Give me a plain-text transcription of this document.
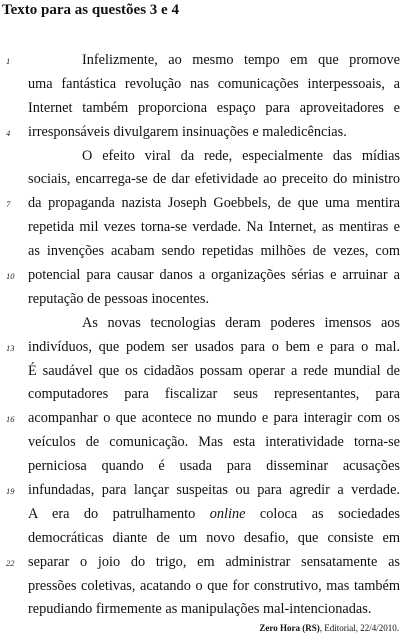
Texto para as questões 3 e 4
1	Infelizmente, ao mesmo tempo em que promove
uma fantástica revolução nas comunicações interpessoais, a
Internet também proporciona espaço para aproveitadores e
4	irresponsáveis divulgarem insinuações e maledicências.
O efeito viral da rede, especialmente das mídias
sociais, encarrega-se de dar efetividade ao preceito do ministro
7	da propaganda nazista Joseph Goebbels, de que uma mentira
repetida mil vezes torna-se verdade. Na Internet, as mentiras e
as invenções acabam sendo repetidas milhões de vezes, com
10 potencial para causar danos a organizações sérias e arruinar a
reputação de pessoas inocentes.
As novas tecnologias deram poderes imensos aos
13 indivíduos, que podem ser usados para o bem e para o mal.
É saudável que os cidadãos possam operar a rede mundial de
computadores para fiscalizar seus representantes, para
16 acompanhar o que acontece no mundo e para interagir com os
veículos de comunicação. Mas esta interatividade torna-se
perniciosa quando é usada para disseminar acusações
19 infundadas, para lançar suspeitas ou para agredir a verdade.
A era do patrulhamento online coloca as sociedades
democráticas diante de um novo desafio, que consiste em
22 separar o joio do trigo, em administrar sensatamente as
pressões coletivas, acatando o que for construtivo, mas também
repudiando firmemente as manipulações mal-intencionadas.
Zero Hora (RS), Editorial, 22/4/2010.
